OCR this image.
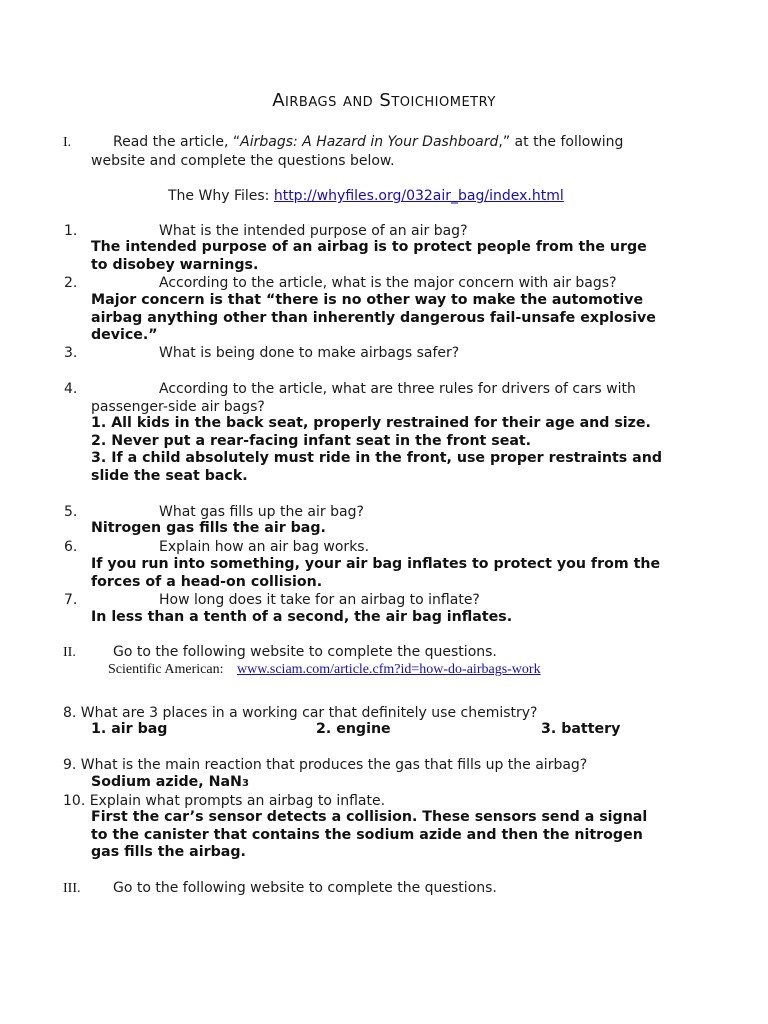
Airbags and Stoichiometry
I.	Read the article, “Airbags: A Hazard in Your Dashboard,” at the following
website and complete the questions below.
The Why Files: http://whyfiles.org/032air_bag/index.html
1.	What is the intended purpose of an air bag?
The intended purpose of an airbag is to protect people from the urge
to disobey warnings.
2.	According to the article, what is the major concern with air bags?
Major concern is that “there is no other way to make the automotive
airbag anything other than inherently dangerous fail-unsafe explosive
device.”
3.	What is being done to make airbags safer?
4.	According to the article, what are three rules for drivers of cars with
passenger-side air bags?
1. All kids in the back seat, properly restrained for their age and size.
2. Never put a rear-facing infant seat in the front seat.
3. If a child absolutely must ride in the front, use proper restraints and
slide the seat back.
5.	What gas fills up the air bag?
Nitrogen gas fills the air bag.
6.	Explain how an air bag works.
If you run into something, your air bag inflates to protect you from the
forces of a head-on collision.
7.	How long does it take for an airbag to inflate?
In less than a tenth of a second, the air bag inflates.
II.	Go to the following website to complete the questions.
Scientific American: www.sciam.com/article.cfm?id=how-do-airbags-work
8. What are 3 places in a working car that definitely use chemistry?
1. air bag	2. engine	3. battery
9. What is the main reaction that produces the gas that fills up the airbag?
Sodium azide, NaN3
10. Explain what prompts an airbag to inflate.
First the car’s sensor detects a collision. These sensors send a signal
to the canister that contains the sodium azide and then the nitrogen
gas fills the airbag.
III. Go to the following website to complete the questions.
